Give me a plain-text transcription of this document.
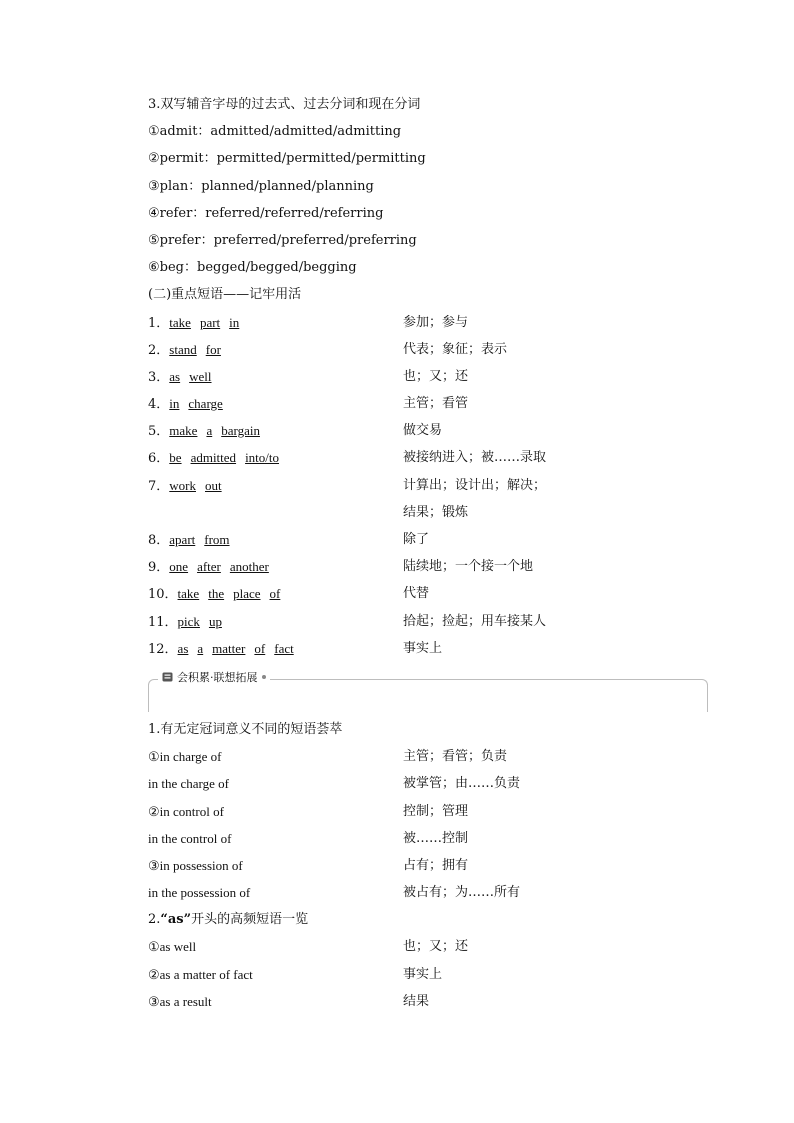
3.双写辅音字母的过去式、过去分词和现在分词
①admit：admitted/admitted/admitting
②permit：permitted/permitted/permitting
③plan：planned/planned/planning
④refer：referred/referred/referring
⑤prefer：preferred/preferred/preferring
⑥beg：begged/begged/begging
(二)重点短语——记牢用活
1．take part in	参加；参与
2．stand for	代表；象征；表示
3．as well	也；又；还
4．in charge	主管；看管
5．make a bargain	做交易
6．be admitted into/to	被接纳进入；被……录取
7．work out	计算出；设计出；解决；
结果；锻炼
8．apart from	除了
9．one after another	陆续地；一个接一个地
10．take the place of	代替
11．pick up	拾起；捡起；用车接某人
12．as a matter of fact	事实上
会积累·联想拓展
1.有无定冠词意义不同的短语荟萃
①in charge of	主管；看管；负责
in the charge of	被掌管；由……负责
②in control of	控制；管理
in the control of	被……控制
③in possession of	占有；拥有
in the possession of	被占有；为……所有
2.“as”开头的高频短语一览
①as well	也；又；还
②as a matter of fact	事实上
③as a result	结果
